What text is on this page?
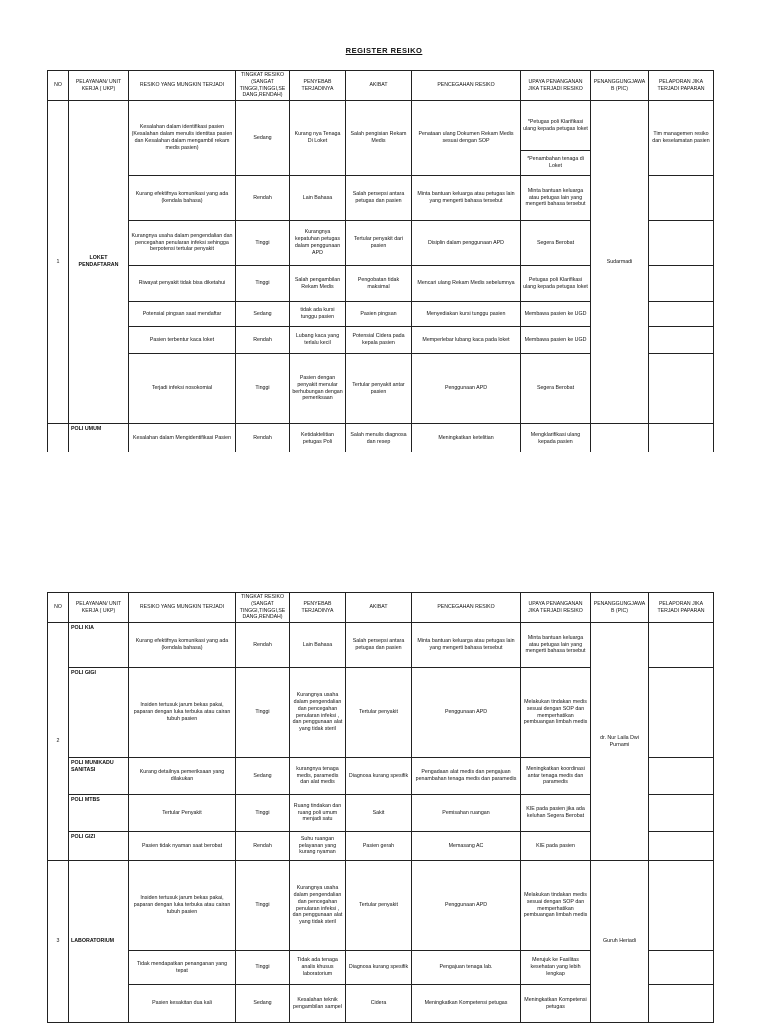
REGISTER RESIKO
NO	PELAYANAN/ UNIT KERJA ( UKP)	RESIKO YANG MUNGKIN TERJADI	TINGKAT RESIKO (SANGAT TINGGI,TINGGI,SEDANG,RENDAH)	PENYEBAB TERJADINYA	AKIBAT	PENCEGAHAN RESIKO	UPAYA PENANGANAN JIKA TERJADI RESIKO	PENANGGUNGJAWAB (PIC)	PELAPORAN JIKA TERJADI PAPARAN
1	LOKET PENDAFTARAN	Kesalahan dalam identifikasi pasien (Kesalahan dalam menulis identitas pasien dan Kesalahan dalam mengambil rekam medis pasien)	Sedang	Kurang nya Tenaga Di Loket	Salah pengisian Rekam Medis	Penataan ulang Dokumen Rekam Medis sesuai dengan SOP	*Petugas poli Klarifikasi ulang kepada petugas loket	Sudarmadi	Tim managemen resiko dan keselamatan pasien
							*Penambahan tenaga di Loket		
		Kurang efektifnya komunikasi yang ada (kendala bahasa)	Rendah	Lain Bahasa	Salah persepsi antara petugas dan pasien	Minta bantuan keluarga atau petugas lain yang mengerti bahasa tersebut	Minta bantuan keluarga atau petugas lain yang mengerti bahasa tersebut		
		Kurangnya usaha dalam pengendalian dan pencegahan penularan infeksi sehingga berpotensi tertular penyakit	Tinggi	Kurangnya kepatuhan petugas dalam penggunaan APD	Tertular penyakit dari pasien	Disiplin dalam penggunaan APD	Segera Berobat		
		Riwayat penyakit tidak bisa diketahui	Tinggi	Salah pengambilan Rekam Medis	Pengobatan tidak maksimal	Mencari ulang Rekam Medis sebelumnya	Petugas poli Klarifikasi ulang kepada petugas loket		
		Potensial pingsan saat mendaftar	Sedang	tidak ada kursi tunggu pasien	Pasien pingsan	Menyediakan kursi tunggu pasien	Membawa pasien ke UGD		
		Pasien terbentur kaca loket	Rendah	Lubang kaca yang terlalu kecil	Potensial Cidera pada kepala pasien	Memperlebar lubang kaca pada loket	Membawa pasien ke UGD		
		Terjadi infeksi nosokomial	Tinggi	Pasien dengan penyakit menular berhubungan dengan pemeriksaan	Tertular penyakit antar pasien	Penggunaan APD	Segera Berobat		
	POLI UMUM	Kesalahan dalam Mengidentifikasi Pasien	Rendah	Ketidaktelitian petugas Poli	Salah menulis diagnosa dan resep	Meningkatkan ketelitian	Mengklarifikasi ulang kepada pasien		
NO	PELAYANAN/ UNIT KERJA ( UKP)	RESIKO YANG MUNGKIN TERJADI	TINGKAT RESIKO (SANGAT TINGGI,TINGGI,SEDANG,RENDAH)	PENYEBAB TERJADINYA	AKIBAT	PENCEGAHAN RESIKO	UPAYA PENANGANAN JIKA TERJADI RESIKO	PENANGGUNGJAWAB (PIC)	PELAPORAN JIKA TERJADI PAPARAN
2	POLI KIA	Kurang efektifnya komunikasi yang ada (kendala bahasa)	Rendah	Lain Bahasa	Salah persepsi antara petugas dan pasien	Minta bantuan keluarga atau petugas lain yang mengerti bahasa tersebut	Minta bantuan keluarga atau petugas lain yang mengerti bahasa tersebut	dr. Nur Laila Dwi Purnami	
	POLI GIGI	Insiden tertusuk jarum bekas pakai, paparan dengan luka terbuka atau cairan tubuh pasien	Tinggi	Kurangnya usaha dalam pengendalian dan pencegahan penularan infeksi , dan penggunaan alat yang tidak steril	Tertular penyakit	Penggunaan APD	Melakukan tindakan medis sesuai dengan SOP dan memperhatikan pembuangan limbah medis		
	POLI MUNIKADU SANITASI	Kurang detailnya pemeriksaan yang dilakukan	Sedang	kurangnya tenaga medis, paramedis dan alat medis	Diagnosa kurang spesifik	Pengadaan alat medis dan pengajuan penambahan tenaga medis dan paramedis	Meningkatkan koordinasi antar tenaga medis dan paramedis		
	POLI MTBS	Tertular Penyakit	Tinggi	Ruang tindakan dan ruang poli umum menjadi satu	Sakit	Pemisahan ruangan	KIE pada pasien jika ada keluhan Segera Berobat		
	POLI GIZI	Pasien tidak nyaman saat berobat	Rendah	Suhu ruangan pelayanan yang kurang nyaman	Pasien gerah	Memasang AC	KIE pada pasien		
3	LABORATORIUM	Insiden tertusuk jarum bekas pakai, paparan dengan luka terbuka atau cairan tubuh pasien	Tinggi	Kurangnya usaha dalam pengendalian dan pencegahan penularan infeksi , dan penggunaan alat yang tidak steril	Tertular penyakit	Penggunaan APD	Melakukan tindakan medis sesuai dengan SOP dan memperhatikan pembuangan limbah medis	Guruh Heriadi	
		Tidak mendapatkan penanganan yang tepat	Tinggi	Tidak ada tenaga analis khusus laboratorium	Diagnosa kurang spesifik	Pengajuan tenaga lab.	Merujuk ke Fasilitas kesehatan yang lebih lengkap		
		Pasien kesakitan dua kali	Sedang	Kesalahan teknik pengambilan sampel	Cidera	Meningkatkan Kompetensi petugas	Meningkatkan Kompetensi petugas		
